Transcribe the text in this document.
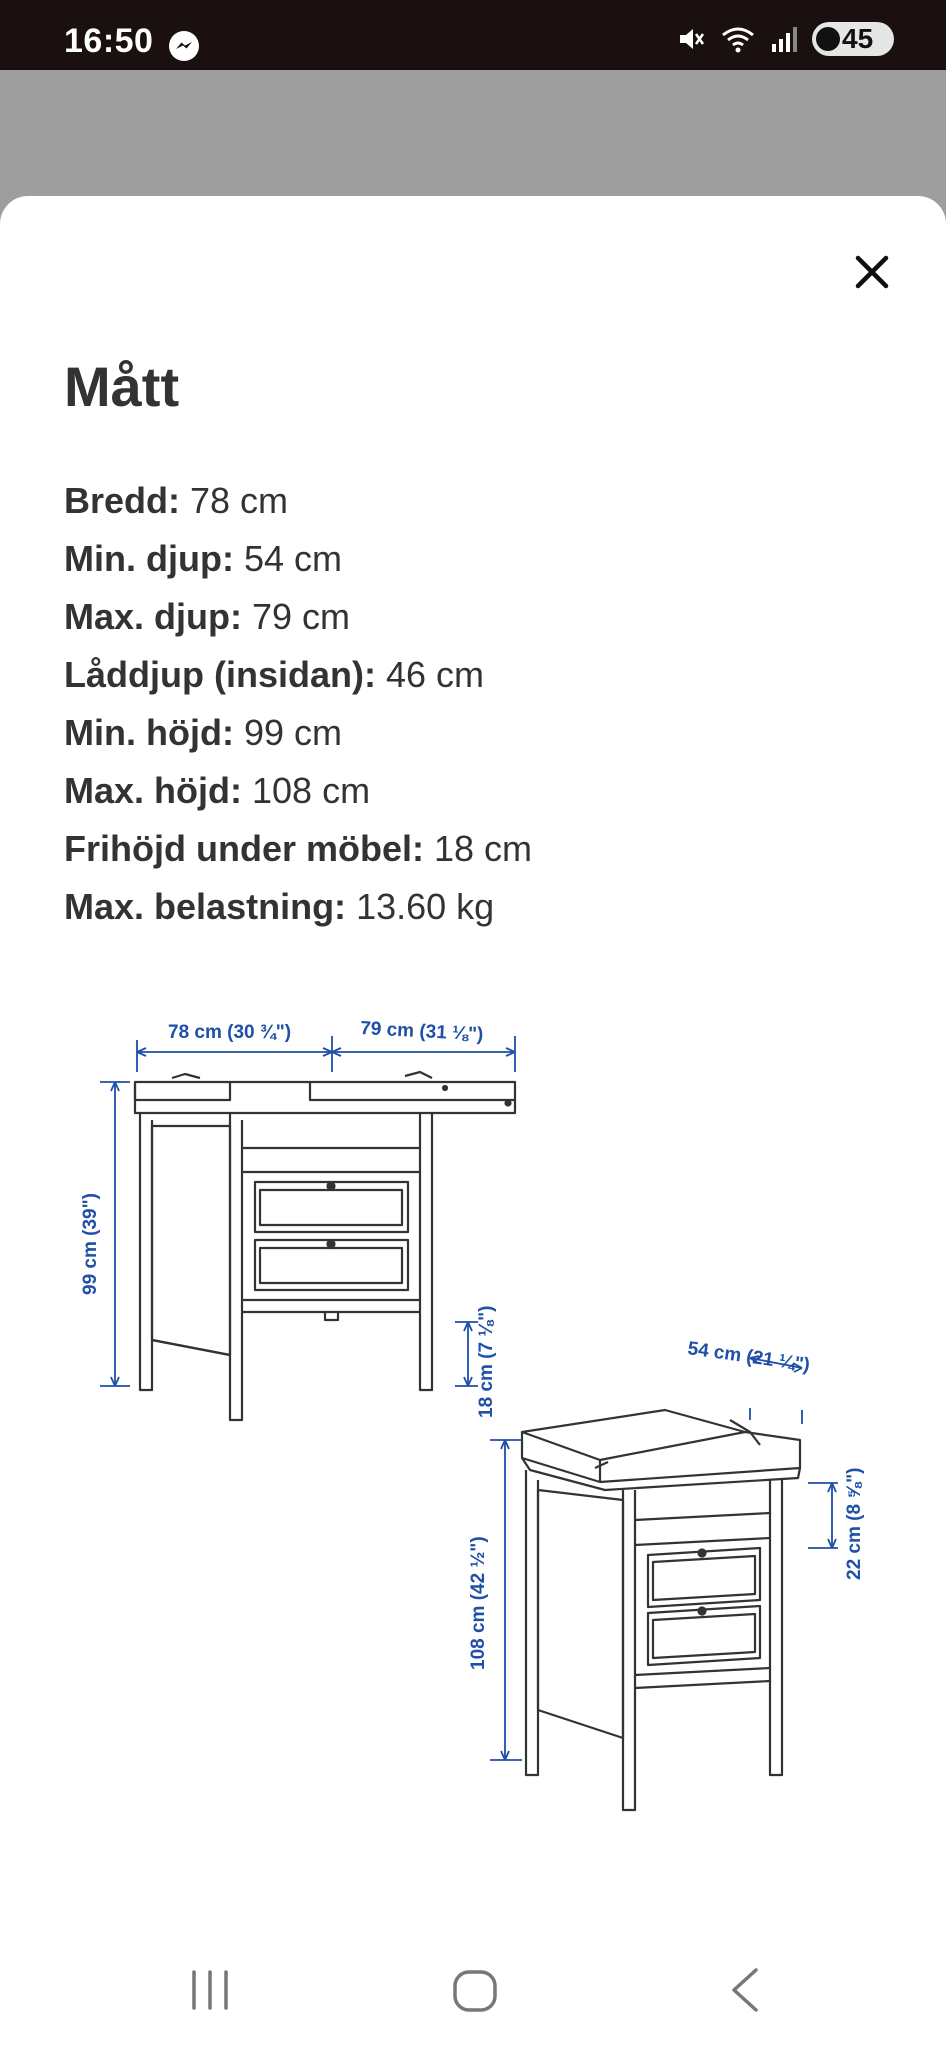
16:50	45
Mått
Bredd: 78 cm
Min. djup: 54 cm
Max. djup: 79 cm
Låddjup (insidan): 46 cm
Min. höjd: 99 cm
Max. höjd: 108 cm
Frihöjd under möbel: 18 cm
Max. belastning: 13.60 kg
78 cm (30 ¾")	79 cm (31 ⅛")
99 cm (39")
18 cm (7 ⅛")	54 cm (21 ¼")
108 cm (42 ½")
22 cm (8 ⅝")
